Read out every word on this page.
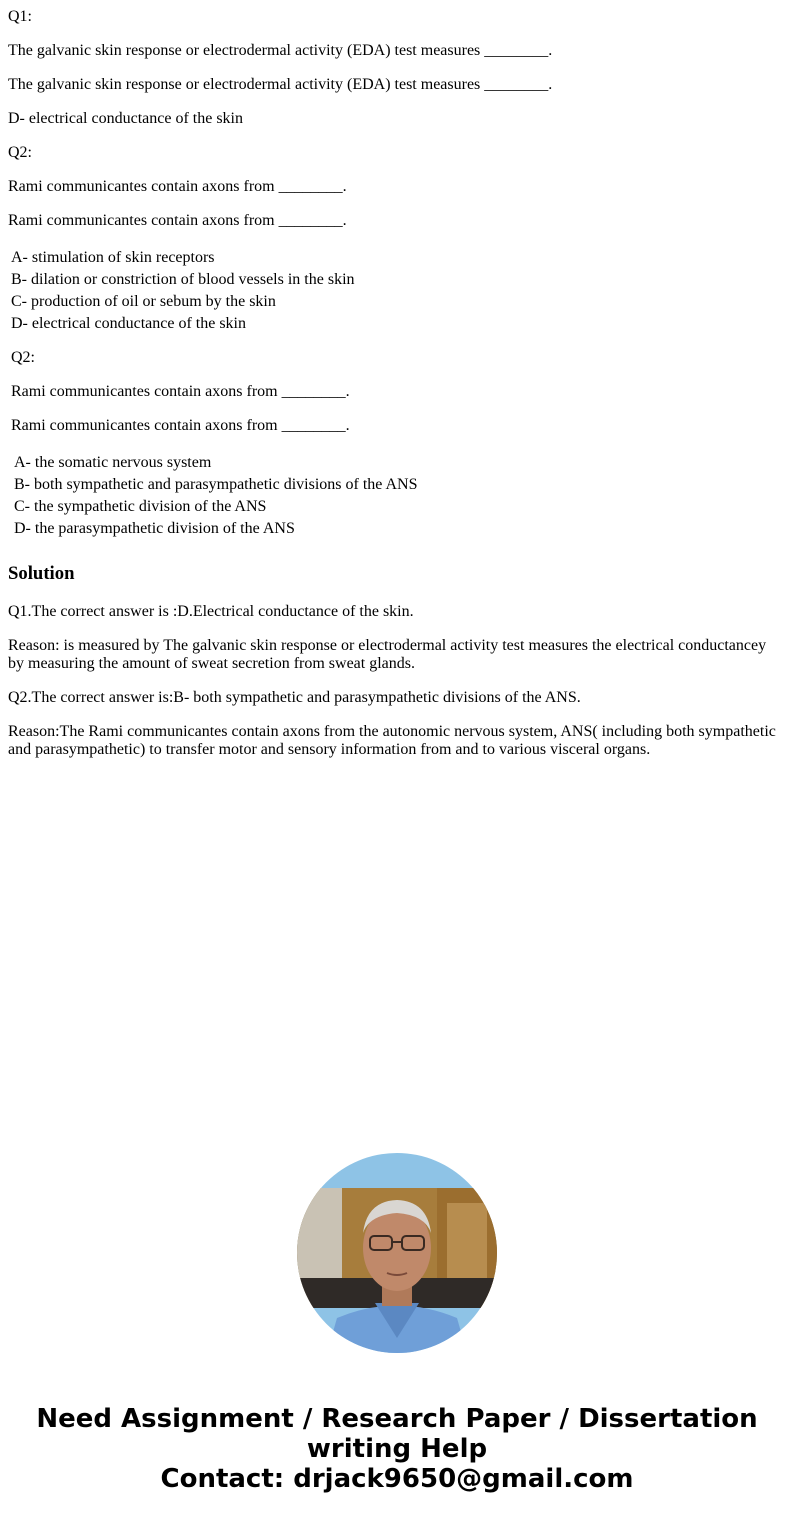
Q1:

The galvanic skin response or electrodermal activity (EDA) test measures ________.

The galvanic skin response or electrodermal activity (EDA) test measures ________.

D- electrical conductance of the skin

Q2:

Rami communicantes contain axons from ________.

Rami communicantes contain axons from ________.

A- stimulation of skin receptors

B- dilation or constriction of blood vessels in the skin

C- production of oil or sebum by the skin

D- electrical conductance of the skin

Q2:

Rami communicantes contain axons from ________.

Rami communicantes contain axons from ________.

A- the somatic nervous system

B- both sympathetic and parasympathetic divisions of the ANS

C- the sympathetic division of the ANS

D- the parasympathetic division of the ANS

Solution

Q1.The correct answer is :D.Electrical conductance of the skin.

Reason: is measured by The galvanic skin response or electrodermal activity test measures the electrical conductancey by measuring the amount of sweat secretion from sweat glands.

Q2.The correct answer is:B- both sympathetic and parasympathetic divisions of the ANS.

Reason:The Rami communicantes contain axons from the autonomic nervous system, ANS( including both sympathetic and parasympathetic) to transfer motor and sensory information from and to various visceral organs.

Need Assignment / Research Paper / Dissertation
writing Help
Contact: drjack9650@gmail.com
